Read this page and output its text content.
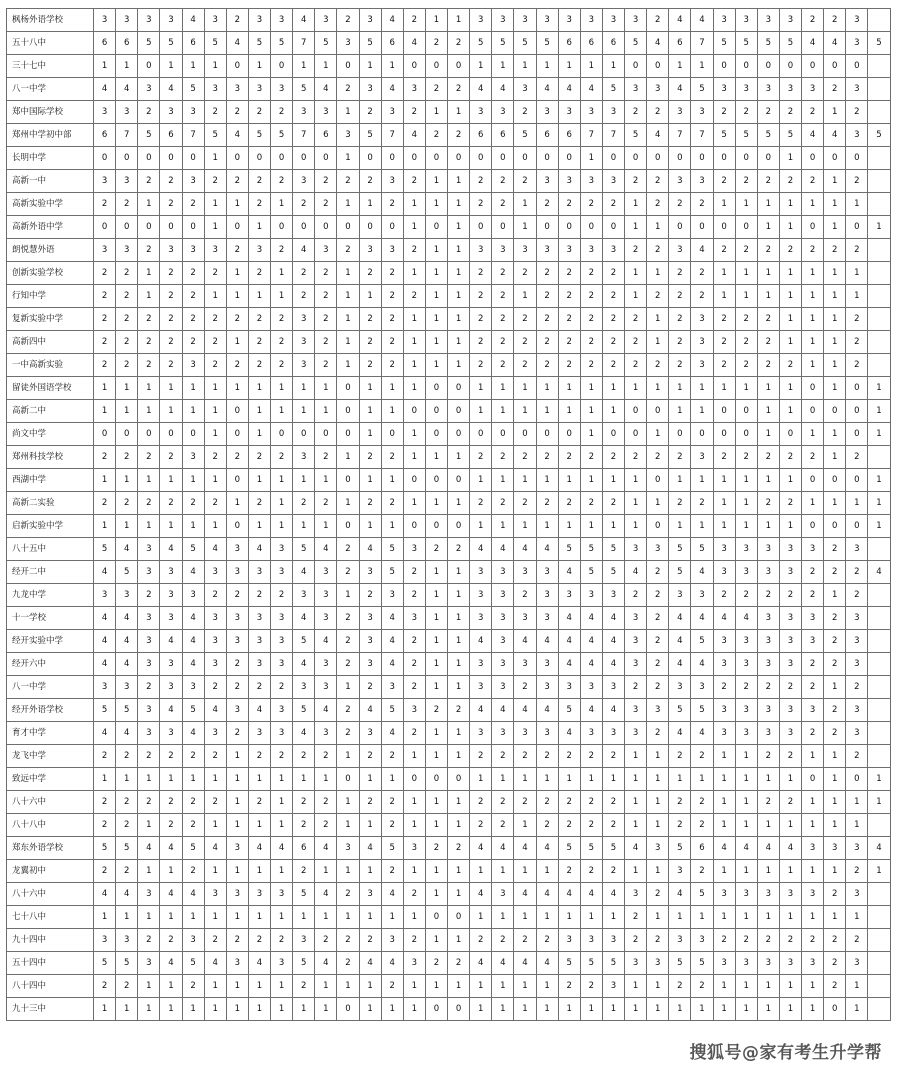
枫杨外语学校	3	3	3	3	4	3	2	3	3	4	3	2	3	4	2	1	1	3	3	3	3	3	3	3	3	2	4	4	3	3	3	3	2	2	3	
五十八中	6	6	5	5	6	5	4	5	5	7	5	3	5	6	4	2	2	5	5	5	5	6	6	6	5	4	6	7	5	5	5	5	4	4	3	5
三十七中	1	1	0	1	1	1	0	1	0	1	1	0	1	1	0	0	0	1	1	1	1	1	1	1	0	0	1	1	0	0	0	0	0	0	0	
八一中学	4	4	3	4	5	3	3	3	3	5	4	2	3	4	3	2	2	4	4	3	4	4	4	5	3	3	4	5	3	3	3	3	3	2	3	
郑中国际学校	3	3	2	3	3	2	2	2	2	3	3	1	2	3	2	1	1	3	3	2	3	3	3	3	2	2	3	3	2	2	2	2	2	1	2	
郑州中学初中部	6	7	5	6	7	5	4	5	5	7	6	3	5	7	4	2	2	6	6	5	6	6	7	7	5	4	7	7	5	5	5	5	4	4	3	5
长明中学	0	0	0	0	0	1	0	0	0	0	0	1	0	0	0	0	0	0	0	0	0	0	1	0	0	0	0	0	0	0	0	1	0	0	0	
高新一中	3	3	2	2	3	2	2	2	2	3	2	2	2	3	2	1	1	2	2	2	3	3	3	3	2	2	3	3	2	2	2	2	2	1	2	
高新实验中学	2	2	1	2	2	1	1	2	1	2	2	1	1	2	1	1	1	2	2	1	2	2	2	2	1	2	2	2	1	1	1	1	1	1	1	
高新外语中学	0	0	0	0	0	1	0	1	0	0	0	0	0	0	1	0	1	0	0	1	0	0	0	0	1	1	0	0	0	0	1	1	0	1	0	1
朗悦慧外语	3	3	2	3	3	3	2	3	2	4	3	2	3	3	2	1	1	3	3	3	3	3	3	3	2	2	3	4	2	2	2	2	2	2	2	
创新实验学校	2	2	1	2	2	2	1	2	1	2	2	1	2	2	1	1	1	2	2	2	2	2	2	2	1	1	2	2	1	1	1	1	1	1	1	
行知中学	2	2	1	2	2	1	1	1	1	2	2	1	1	2	2	1	1	2	2	1	2	2	2	2	1	2	2	2	1	1	1	1	1	1	1	
复新实验中学	2	2	2	2	2	2	2	2	2	3	2	1	2	2	1	1	1	2	2	2	2	2	2	2	2	1	2	3	2	2	2	1	1	1	2	
高新四中	2	2	2	2	2	2	1	2	2	3	2	1	2	2	1	1	1	2	2	2	2	2	2	2	2	1	2	3	2	2	2	1	1	1	2	
一中高新实验	2	2	2	2	3	2	2	2	2	3	2	1	2	2	1	1	1	2	2	2	2	2	2	2	2	2	2	3	2	2	2	2	1	1	2	
留徒外国语学校	1	1	1	1	1	1	1	1	1	1	1	0	1	1	1	0	0	1	1	1	1	1	1	1	1	1	1	1	1	1	1	1	0	1	0	1
高新二中	1	1	1	1	1	1	0	1	1	1	1	0	1	1	0	0	0	1	1	1	1	1	1	1	0	0	1	1	0	0	1	1	0	0	0	1
尚文中学	0	0	0	0	0	1	0	1	0	0	0	0	1	0	1	0	0	0	0	0	0	0	1	0	0	1	0	0	0	0	1	0	1	1	0	1
郑州科技学校	2	2	2	2	3	2	2	2	2	3	2	1	2	2	1	1	1	2	2	2	2	2	2	2	2	2	2	3	2	2	2	2	2	1	2	
西湖中学	1	1	1	1	1	1	0	1	1	1	1	0	1	1	0	0	0	1	1	1	1	1	1	1	1	0	1	1	1	1	1	1	0	0	0	1
高新二实验	2	2	2	2	2	2	1	2	1	2	2	1	2	2	1	1	1	2	2	2	2	2	2	2	1	1	2	2	1	1	2	2	1	1	1	1
启新实验中学	1	1	1	1	1	1	0	1	1	1	1	0	1	1	0	0	0	1	1	1	1	1	1	1	1	0	1	1	1	1	1	1	0	0	0	1
八十五中	5	4	3	4	5	4	3	4	3	5	4	2	4	5	3	2	2	4	4	4	4	5	5	5	3	3	5	5	3	3	3	3	3	2	3	
经开二中	4	5	3	3	4	3	3	3	3	4	3	2	3	5	2	1	1	3	3	3	3	4	5	5	4	2	5	4	3	3	3	3	2	2	2	4
九龙中学	3	3	2	3	3	2	2	2	2	3	3	1	2	3	2	1	1	3	3	2	3	3	3	3	2	2	3	3	2	2	2	2	2	1	2	
十一学校	4	4	3	3	4	3	3	3	3	4	3	2	3	4	3	1	1	3	3	3	3	4	4	4	3	2	4	4	4	4	3	3	3	2	3	
经开实验中学	4	4	3	4	4	3	3	3	3	5	4	2	3	4	2	1	1	4	3	4	4	4	4	4	3	2	4	5	3	3	3	3	3	2	3	
经开六中	4	4	3	3	4	3	2	3	3	4	3	2	3	4	2	1	1	3	3	3	3	4	4	4	3	2	4	4	3	3	3	3	2	2	3	
八一中学	3	3	2	3	3	2	2	2	2	3	3	1	2	3	2	1	1	3	3	2	3	3	3	3	2	2	3	3	2	2	2	2	2	1	2	
经开外语学校	5	5	3	4	5	4	3	4	3	5	4	2	4	5	3	2	2	4	4	4	4	5	4	4	3	3	5	5	3	3	3	3	3	2	3	
育才中学	4	4	3	3	4	3	2	3	3	4	3	2	3	4	2	1	1	3	3	3	3	4	3	3	3	2	4	4	3	3	3	3	2	2	3	
龙飞中学	2	2	2	2	2	2	1	2	2	2	2	1	2	2	1	1	1	2	2	2	2	2	2	2	1	1	2	2	1	1	2	2	1	1	2	
致远中学	1	1	1	1	1	1	1	1	1	1	1	0	1	1	0	0	0	1	1	1	1	1	1	1	1	1	1	1	1	1	1	1	0	1	0	1
八十六中	2	2	2	2	2	2	1	2	1	2	2	1	2	2	1	1	1	2	2	2	2	2	2	2	1	1	2	2	1	1	2	2	1	1	1	1
八十八中	2	2	1	2	2	1	1	1	1	2	2	1	1	2	1	1	1	2	2	1	2	2	2	2	1	1	2	2	1	1	1	1	1	1	1	
郑东外语学校	5	5	4	4	5	4	3	4	4	6	4	3	4	5	3	2	2	4	4	4	4	5	5	5	4	3	5	6	4	4	4	4	3	3	3	4
龙翼初中	2	2	1	1	2	1	1	1	1	2	1	1	1	2	1	1	1	1	1	1	1	2	2	2	1	1	3	2	1	1	1	1	1	1	2	1
八十六中	4	4	3	4	4	3	3	3	3	5	4	2	3	4	2	1	1	4	3	4	4	4	4	4	3	2	4	5	3	3	3	3	3	2	3	
七十八中	1	1	1	1	1	1	1	1	1	1	1	1	1	1	1	0	0	1	1	1	1	1	1	1	2	1	1	1	1	1	1	1	1	1	1	
九十四中	3	3	2	2	3	2	2	2	2	3	2	2	2	3	2	1	1	2	2	2	2	3	3	3	2	2	3	3	2	2	2	2	2	2	2	
五十四中	5	5	3	4	5	4	3	4	3	5	4	2	4	4	3	2	2	4	4	4	4	5	5	5	3	3	5	5	3	3	3	3	3	2	3	
八十四中	2	2	1	1	2	1	1	1	1	2	1	1	1	2	1	1	1	1	1	1	1	2	2	3	1	1	2	2	1	1	1	1	1	2	1	
九十三中	1	1	1	1	1	1	1	1	1	1	1	0	1	1	1	0	0	1	1	1	1	1	1	1	1	1	1	1	1	1	1	1	1	0	1	
搜狐号@家有考生升学帮
